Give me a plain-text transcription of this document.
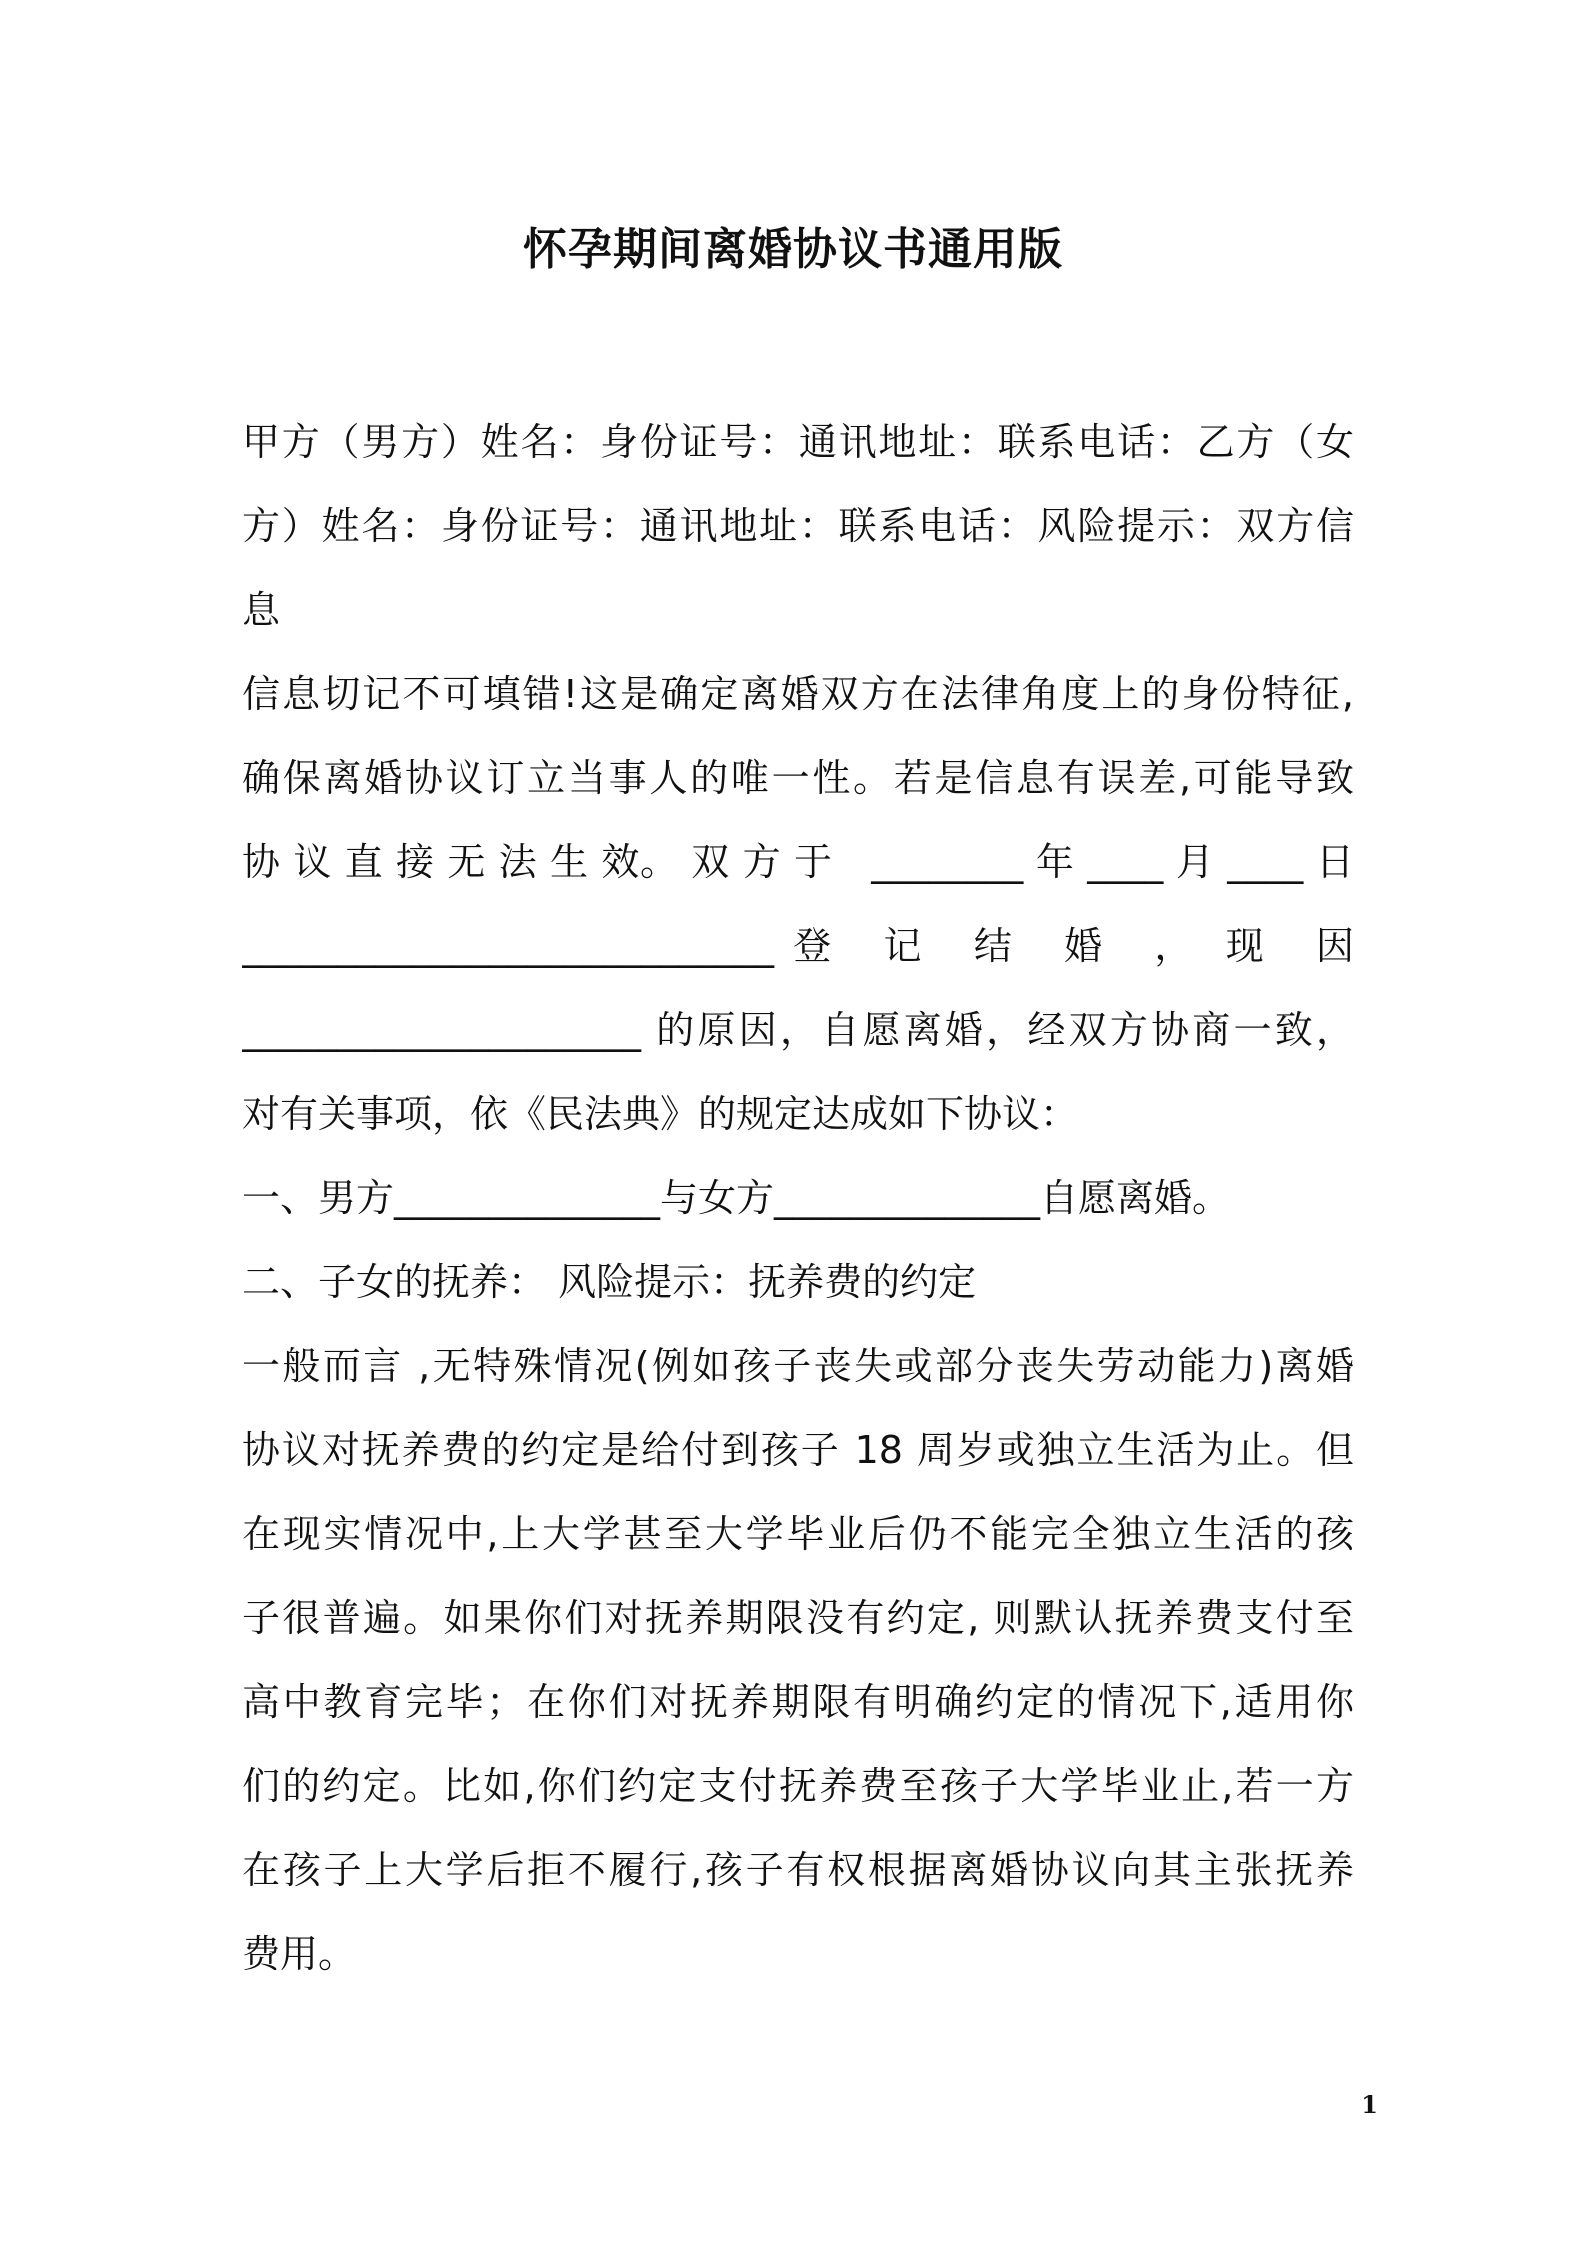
怀孕期间离婚协议书通用版
甲方（男方）姓名：身份证号：通讯地址：联系电话：乙方（女
方）姓名：身份证号：通讯地址：联系电话：风险提示：双方信
息
信息切记不可填错!这是确定离婚双方在法律角度上的身份特征,
确保离婚协议订立当事人的唯一性。若是信息有误差,可能导致
协 议 直 接 无 法 生 效。 双 方 于　________ 年 ____ 月 ____ 日
____________________________ 登　记　结　婚　，　现　因
_____________________ 的原因，自愿离婚，经双方协商一致，
对有关事项，依《民法典》的规定达成如下协议：
一、男方______________与女方______________自愿离婚。
二、子女的抚养： 风险提示：抚养费的约定
一般而言 ,无特殊情况(例如孩子丧失或部分丧失劳动能力)离婚
协议对抚养费的约定是给付到孩子 18 周岁或独立生活为止。但
在现实情况中,上大学甚至大学毕业后仍不能完全独立生活的孩
子很普遍。如果你们对抚养期限没有约定, 则默认抚养费支付至
高中教育完毕；在你们对抚养期限有明确约定的情况下,适用你
们的约定。比如,你们约定支付抚养费至孩子大学毕业止,若一方
在孩子上大学后拒不履行,孩子有权根据离婚协议向其主张抚养
费用。
1
